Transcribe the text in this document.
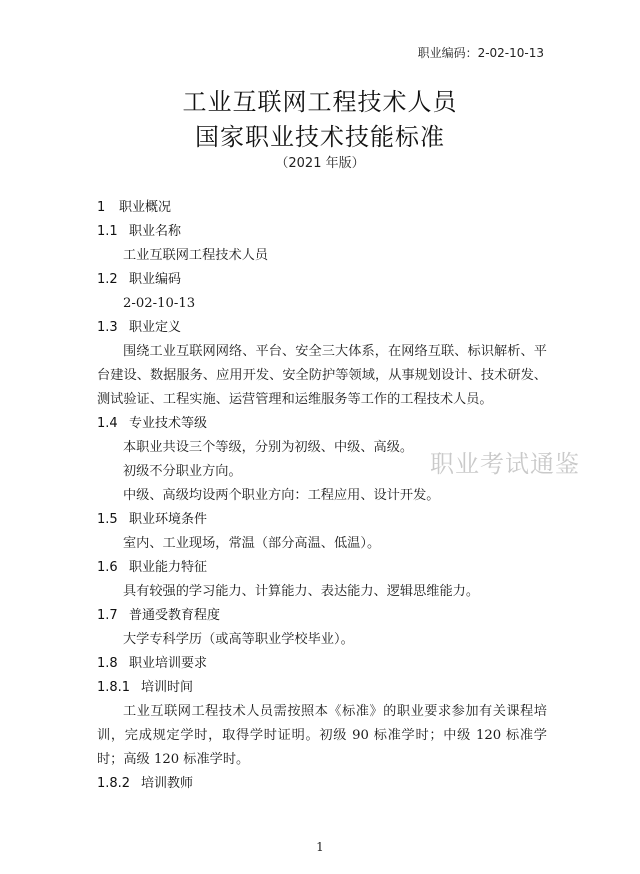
职业编码：2-02-10-13
工业互联网工程技术人员
国家职业技术技能标准
（2021 年版）
1 职业概况
1.1 职业名称
工业互联网工程技术人员
1.2 职业编码
2-02-10-13
1.3 职业定义
围绕工业互联网网络、平台、安全三大体系，在网络互联、标识解析、平台建设、数据服务、应用开发、安全防护等领域，从事规划设计、技术研发、测试验证、工程实施、运营管理和运维服务等工作的工程技术人员。
1.4 专业技术等级
本职业共设三个等级，分别为初级、中级、高级。
初级不分职业方向。
中级、高级均设两个职业方向：工程应用、设计开发。
1.5 职业环境条件
室内、工业现场，常温（部分高温、低温）。
1.6 职业能力特征
具有较强的学习能力、计算能力、表达能力、逻辑思维能力。
1.7 普通受教育程度
大学专科学历（或高等职业学校毕业）。
1.8 职业培训要求
1.8.1 培训时间
工业互联网工程技术人员需按照本《标准》的职业要求参加有关课程培训，完成规定学时，取得学时证明。初级 90 标准学时；中级 120 标准学时；高级 120 标准学时。
1.8.2 培训教师
职业考试通鉴
1
